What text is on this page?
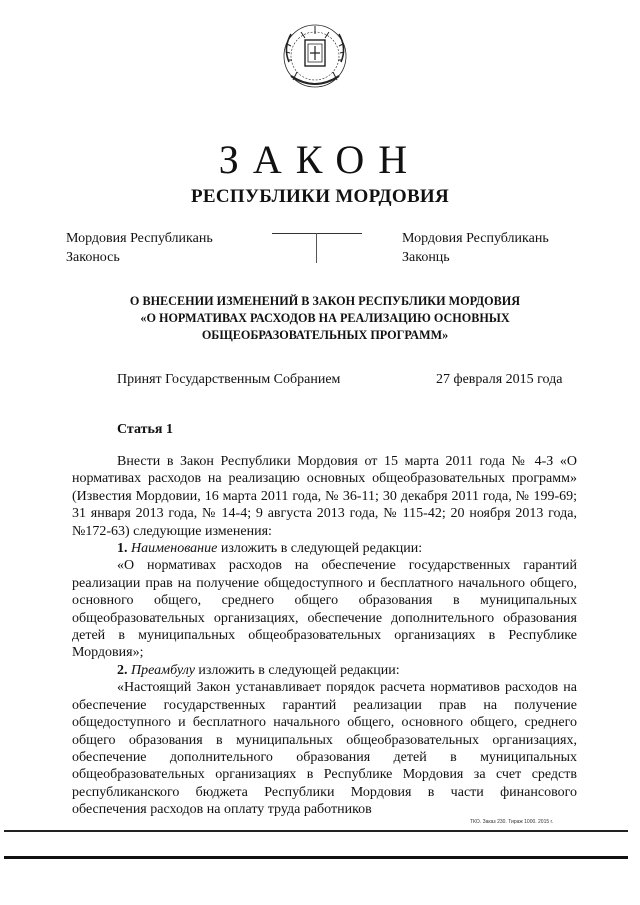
ЗАКОН
РЕСПУБЛИКИ МОРДОВИЯ
Мордовия Республикань
Законось
Мордовия Республикань
Законць
О ВНЕСЕНИИ ИЗМЕНЕНИЙ В ЗАКОН РЕСПУБЛИКИ МОРДОВИЯ
«О НОРМАТИВАХ РАСХОДОВ НА РЕАЛИЗАЦИЮ ОСНОВНЫХ
ОБЩЕОБРАЗОВАТЕЛЬНЫХ ПРОГРАММ»
Принят Государственным Собранием	27 февраля 2015 года
Статья 1

Внести в Закон Республики Мордовия от 15 марта 2011 года № 4-З «О нормативах расходов на реализацию основных общеобразовательных программ» (Известия Мордовии, 16 марта 2011 года, № 36-11; 30 декабря 2011 года, № 199-69; 31 января 2013 года, № 14-4; 9 августа 2013 года, № 115-42; 20 ноября 2013 года, №172-63) следующие изменения:

1. Наименование изложить в следующей редакции:

«О нормативах расходов на обеспечение государственных гарантий реализации прав на получение общедоступного и бесплатного начального общего, основного общего, среднего общего образования в муниципальных общеобразовательных организациях, обеспечение дополнительного образования детей в муниципальных общеобразовательных организациях в Республике Мордовия»;

2. Преамбулу изложить в следующей редакции:

«Настоящий Закон устанавливает порядок расчета нормативов расходов на обеспечение государственных гарантий реализации прав на получение общедоступного и бесплатного начального общего, основного общего, среднего общего образования в муниципальных общеобразовательных организациях, обеспечение дополнительного образования детей в муниципальных общеобразовательных организациях в Республике Мордовия за счет средств республиканского бюджета Республики Мордовия в части финансового обеспечения расходов на оплату труда работников

ТКО. Заказ 230. Тираж 1000. 2015 г.
